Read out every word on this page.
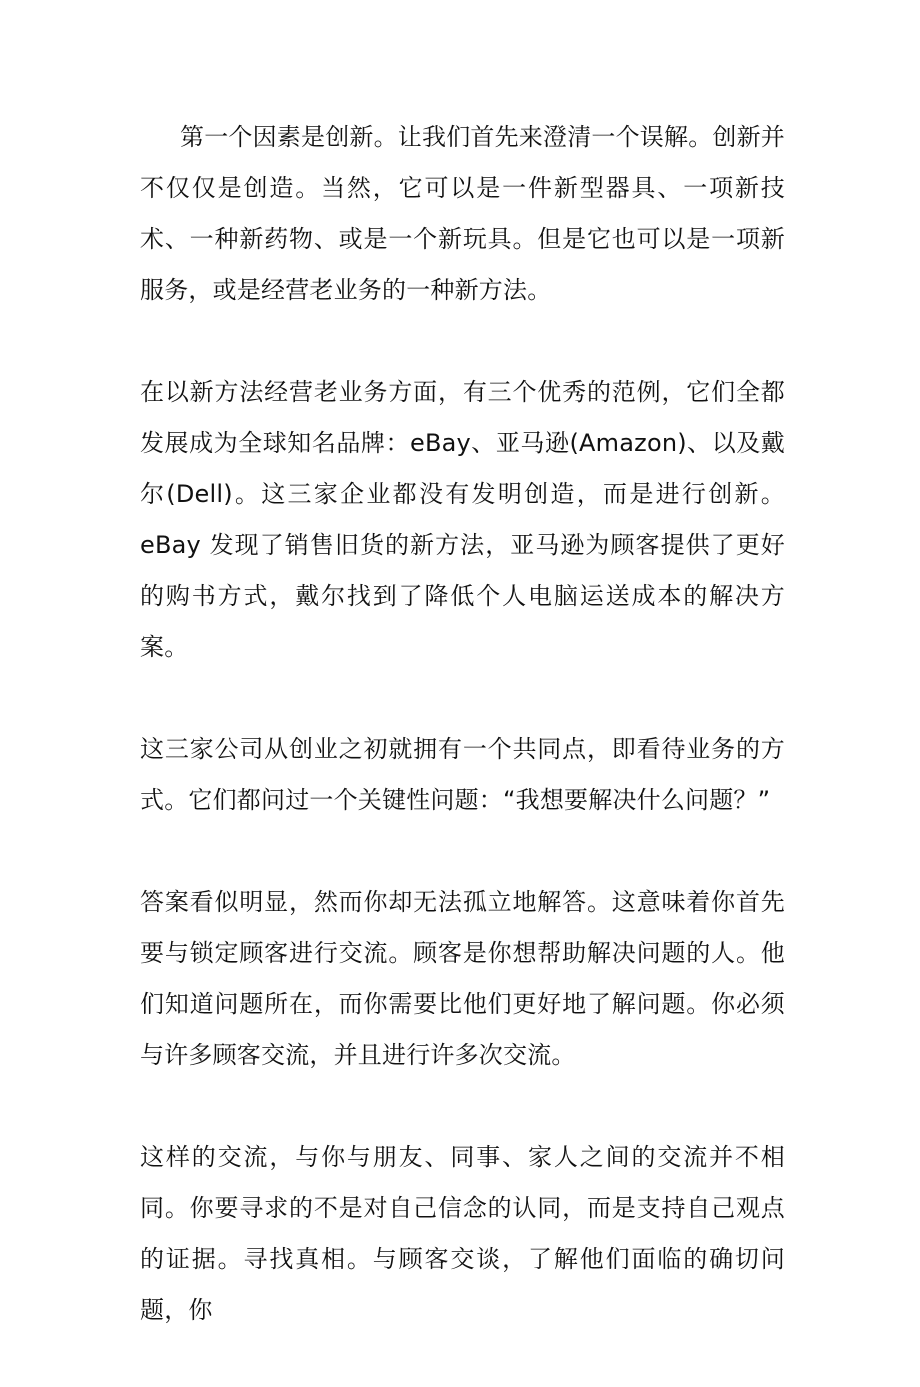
第一个因素是创新。让我们首先来澄清一个误解。创新并不仅仅是创造。当然，它可以是一件新型器具、一项新技术、一种新药物、或是一个新玩具。但是它也可以是一项新服务，或是经营老业务的一种新方法。

在以新方法经营老业务方面，有三个优秀的范例，它们全都发展成为全球知名品牌：eBay、亚马逊(Amazon)、以及戴尔(Dell)。这三家企业都没有发明创造，而是进行创新。eBay 发现了销售旧货的新方法，亚马逊为顾客提供了更好的购书方式，戴尔找到了降低个人电脑运送成本的解决方案。

这三家公司从创业之初就拥有一个共同点，即看待业务的方式。它们都问过一个关键性问题：“我想要解决什么问题？”

答案看似明显，然而你却无法孤立地解答。这意味着你首先要与锁定顾客进行交流。顾客是你想帮助解决问题的人。他们知道问题所在，而你需要比他们更好地了解问题。你必须与许多顾客交流，并且进行许多次交流。

这样的交流，与你与朋友、同事、家人之间的交流并不相同。你要寻求的不是对自己信念的认同，而是支持自己观点的证据。寻找真相。与顾客交谈，了解他们面临的确切问题，你
